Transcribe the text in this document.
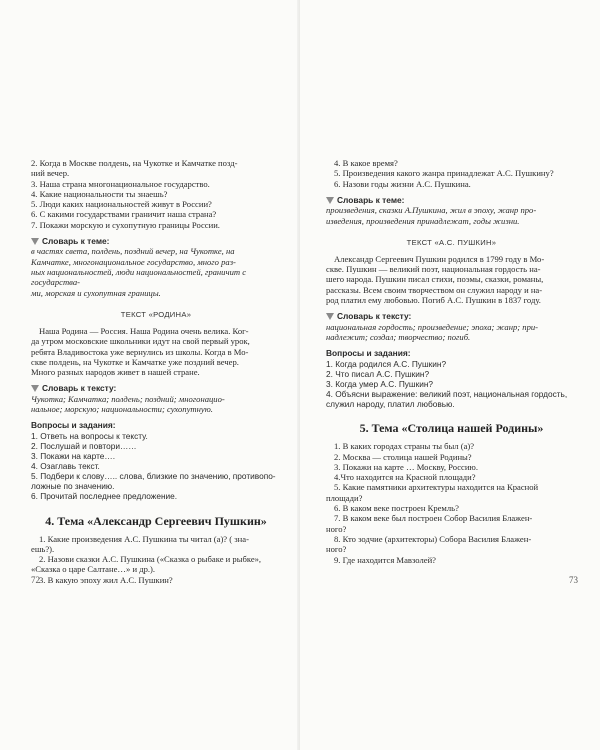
2. Когда в Москве полдень, на Чукотке и Камчатке позд-

ний вечер.

3. Наша страна многонациональное государство.

4. Какие национальности ты знаешь?

5. Люди каких национальностей живут в России?

6. С какими государствами граничит наша страна?

7. Покажи морскую и сухопутную границы России.

Словарь к теме:

в частях света, полдень, поздний вечер, на Чукотке, на

Камчатке, многонациональное государство, много раз-

ных национальностей, люди национальностей, граничит с государства-

ми, морская и сухопутная границы.

ТЕКСТ «РОДИНА»

Наша Родина — Россия. Наша Родина очень велика. Ког-

да утром московские школьники идут на свой первый урок,

ребята Владивостока уже вернулись из школы. Когда в Мо-

скве полдень, на Чукотке и Камчатке уже поздний вечер.

Много разных народов живет в нашей стране.

Словарь к тексту:

Чукотка; Камчатка; полдень; поздний; многонацио-

нальное; морскую; национальности; сухопутную.

Вопросы и задания:

1. Ответь на вопросы к тексту.

2. Послушай и повтори……

3. Покажи на карте….

4. Озаглавь текст.

5. Подбери к слову….. слова, близкие по значению, противопо-

ложные по значению.

6. Прочитай последнее предложение.

4. Тема «Александр Сергеевич Пушкин»

1. Какие произведения А.С. Пушкина ты читал (а)? ( зна-

ешь?).

2. Назови сказки А.С. Пушкина («Сказка о рыбаке и рыбке»,

«Сказка о царе Салтане…» и др.).

3. В какую эпоху жил А.С. Пушкин?

72

4. В какое время?

5. Произведения какого жанра принадлежат А.С. Пушкину?

6. Назови годы жизни А.С. Пушкина.

Словарь к теме:

произведения, сказки А.Пушкина, жил в эпоху, жанр про-

изведения, произведения принадлежат, годы жизни.

ТЕКСТ «А.С. ПУШКИН»

Александр Сергеевич Пушкин родился в 1799 году в Мо-

скве. Пушкин — великий поэт, национальная гордость на-

шего народа. Пушкин писал стихи, поэмы, сказки, романы,

рассказы. Всем своим творчеством он служил народу и на-

род платил ему любовью. Погиб А.С. Пушкин в 1837 году.

Словарь к тексту:

национальная гордость; произведение; эпоха; жанр; при-

надлежит; создал; творчество; погиб.

Вопросы и задания:

1. Когда родился А.С. Пушкин?

2. Что писал А.С. Пушкин?

3. Когда умер А.С. Пушкин?

4. Объясни выражение: великий поэт, национальная гордость,

служил народу, платил любовью.

5. Тема «Столица нашей Родины»

1. В каких городах страны ты был (а)?

2. Москва — столица нашей Родины?

3. Покажи на карте … Москву, Россию.

4.Что находится на Красной площади?

5. Какие памятники архитектуры находится на Красной

площади?

6. В каком веке построен Кремль?

7. В каком веке был построен Собор Василия Блажен-

ного?

8. Кто зодчие (архитекторы) Собора Василия Блажен-

ного?

9. Где находится Мавзолей?

73
